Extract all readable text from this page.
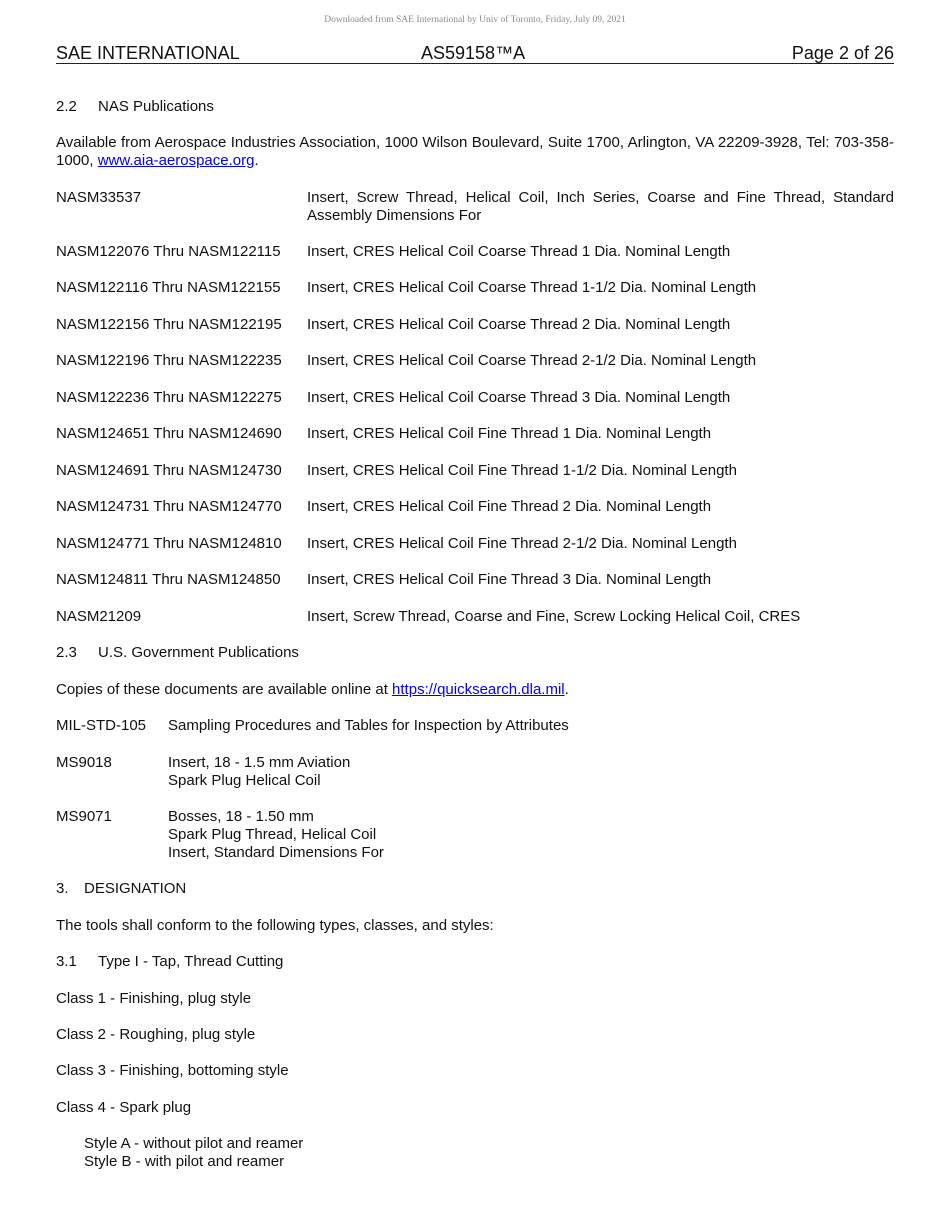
Downloaded from SAE International by Univ of Toronto, Friday, July 09, 2021
SAE INTERNATIONAL	AS59158™A	Page 2 of 26
2.2 NAS Publications
Available from Aerospace Industries Association, 1000 Wilson Boulevard, Suite 1700, Arlington, VA 22209-3928, Tel: 703-358-1000, www.aia-aerospace.org.
NASM33537	Insert, Screw Thread, Helical Coil, Inch Series, Coarse and Fine Thread, Standard Assembly Dimensions For
NASM122076 Thru NASM122115 Insert, CRES Helical Coil Coarse Thread 1 Dia. Nominal Length
NASM122116 Thru NASM122155 Insert, CRES Helical Coil Coarse Thread 1-1/2 Dia. Nominal Length
NASM122156 Thru NASM122195 Insert, CRES Helical Coil Coarse Thread 2 Dia. Nominal Length
NASM122196 Thru NASM122235 Insert, CRES Helical Coil Coarse Thread 2-1/2 Dia. Nominal Length
NASM122236 Thru NASM122275 Insert, CRES Helical Coil Coarse Thread 3 Dia. Nominal Length
NASM124651 Thru NASM124690 Insert, CRES Helical Coil Fine Thread 1 Dia. Nominal Length
NASM124691 Thru NASM124730 Insert, CRES Helical Coil Fine Thread 1-1/2 Dia. Nominal Length
NASM124731 Thru NASM124770 Insert, CRES Helical Coil Fine Thread 2 Dia. Nominal Length
NASM124771 Thru NASM124810 Insert, CRES Helical Coil Fine Thread 2-1/2 Dia. Nominal Length
NASM124811 Thru NASM124850 Insert, CRES Helical Coil Fine Thread 3 Dia. Nominal Length
NASM21209	Insert, Screw Thread, Coarse and Fine, Screw Locking Helical Coil, CRES
2.3 U.S. Government Publications
Copies of these documents are available online at https://quicksearch.dla.mil.
MIL-STD-105 Sampling Procedures and Tables for Inspection by Attributes
MS9018	Insert, 18 - 1.5 mm Aviation
Spark Plug Helical Coil
MS9071	Bosses, 18 - 1.50 mm
Spark Plug Thread, Helical Coil
Insert, Standard Dimensions For
3. DESIGNATION
The tools shall conform to the following types, classes, and styles:
3.1 Type I - Tap, Thread Cutting
Class 1 - Finishing, plug style
Class 2 - Roughing, plug style
Class 3 - Finishing, bottoming style
Class 4 - Spark plug
Style A - without pilot and reamer
Style B - with pilot and reamer
